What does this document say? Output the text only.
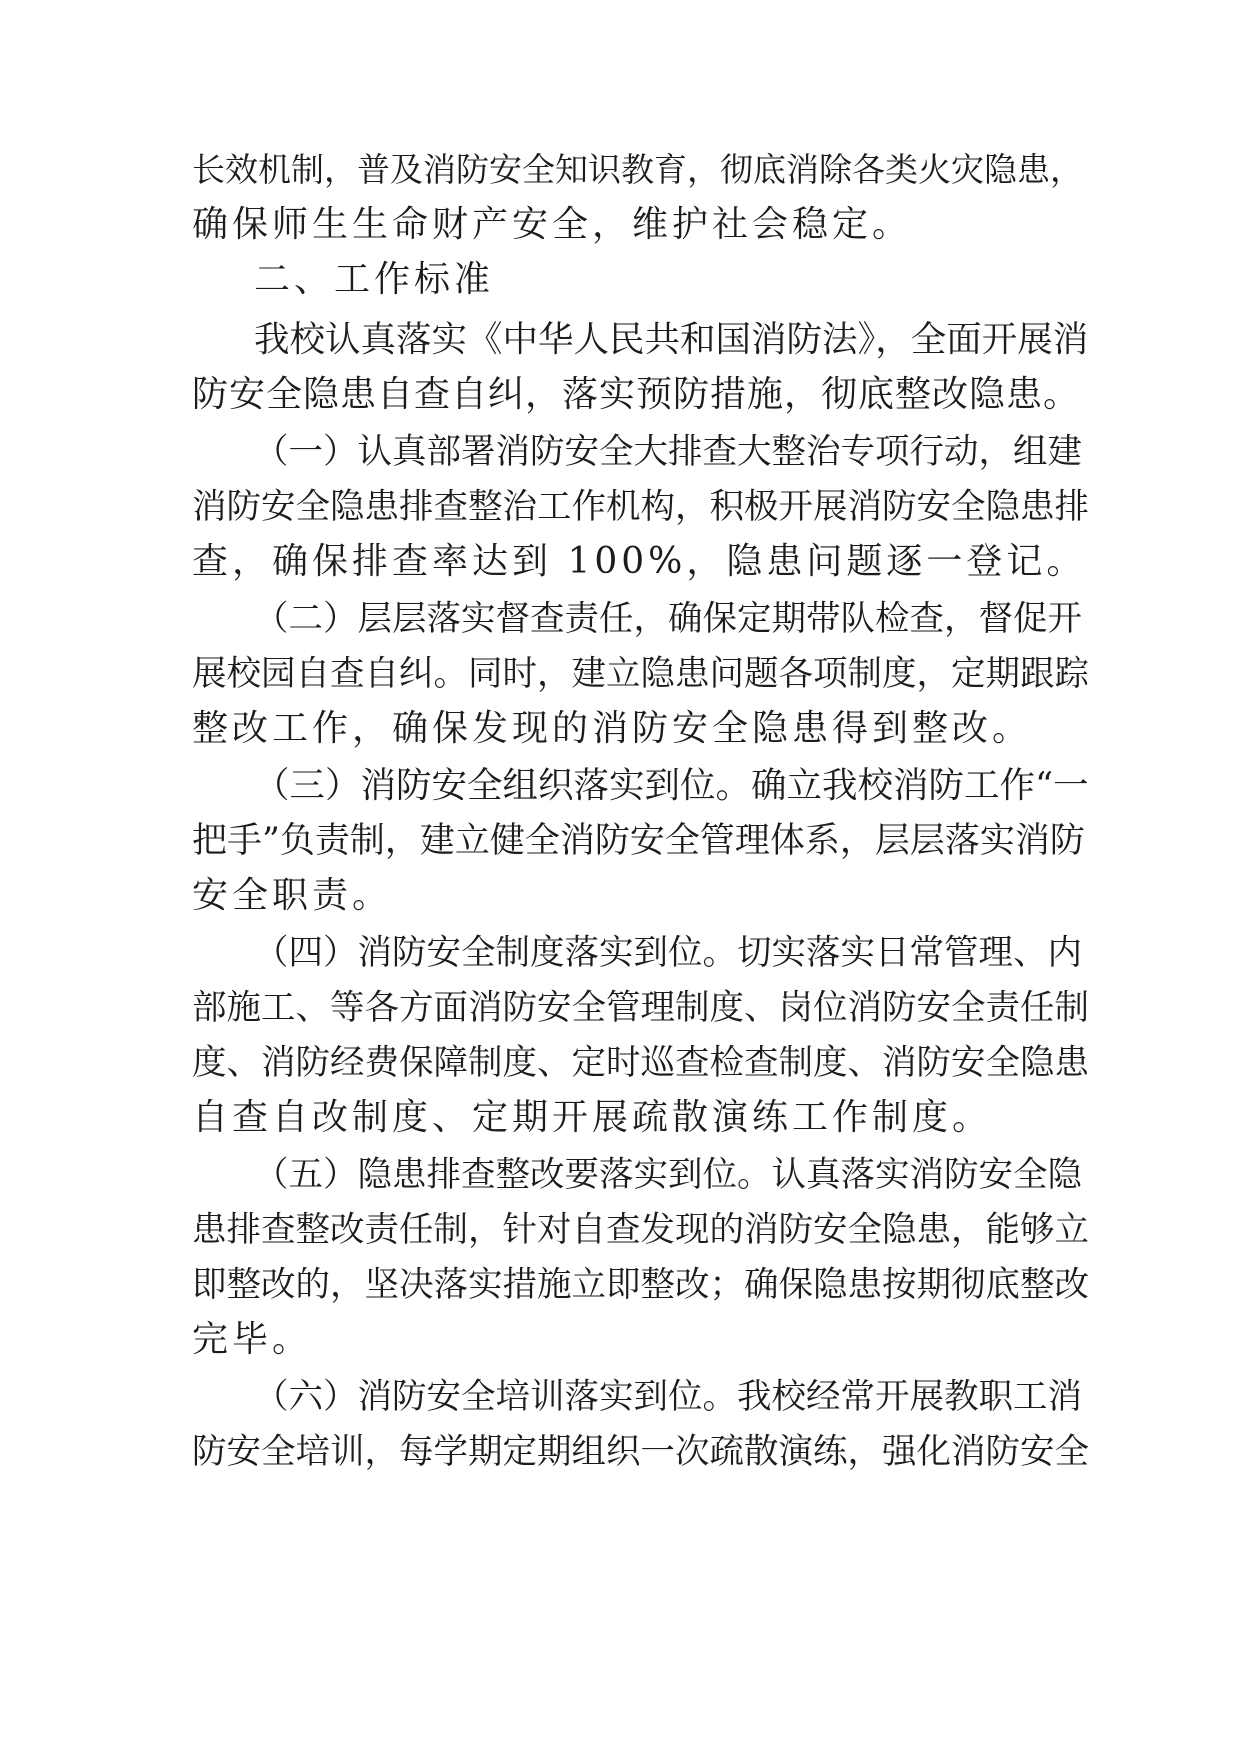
长效机制，普及消防安全知识教育，彻底消除各类火灾隐患，

确保师生生命财产安全，维护社会稳定。

二、工作标准

我校认真落实《中华人民共和国消防法》，全面开展消

防安全隐患自查自纠，落实预防措施，彻底整改隐患。

（一）认真部署消防安全大排查大整治专项行动，组建

消防安全隐患排查整治工作机构，积极开展消防安全隐患排

查，确保排查率达到 100%，隐患问题逐一登记。

（二）层层落实督查责任，确保定期带队检查，督促开

展校园自查自纠。同时，建立隐患问题各项制度，定期跟踪

整改工作，确保发现的消防安全隐患得到整改。

（三）消防安全组织落实到位。确立我校消防工作“一

把手”负责制，建立健全消防安全管理体系，层层落实消防

安全职责。

（四）消防安全制度落实到位。切实落实日常管理、内

部施工、等各方面消防安全管理制度、岗位消防安全责任制

度、消防经费保障制度、定时巡查检查制度、消防安全隐患

自查自改制度、定期开展疏散演练工作制度。

（五）隐患排查整改要落实到位。认真落实消防安全隐

患排查整改责任制，针对自查发现的消防安全隐患，能够立

即整改的，坚决落实措施立即整改；确保隐患按期彻底整改

完毕。

（六）消防安全培训落实到位。我校经常开展教职工消

防安全培训，每学期定期组织一次疏散演练，强化消防安全
